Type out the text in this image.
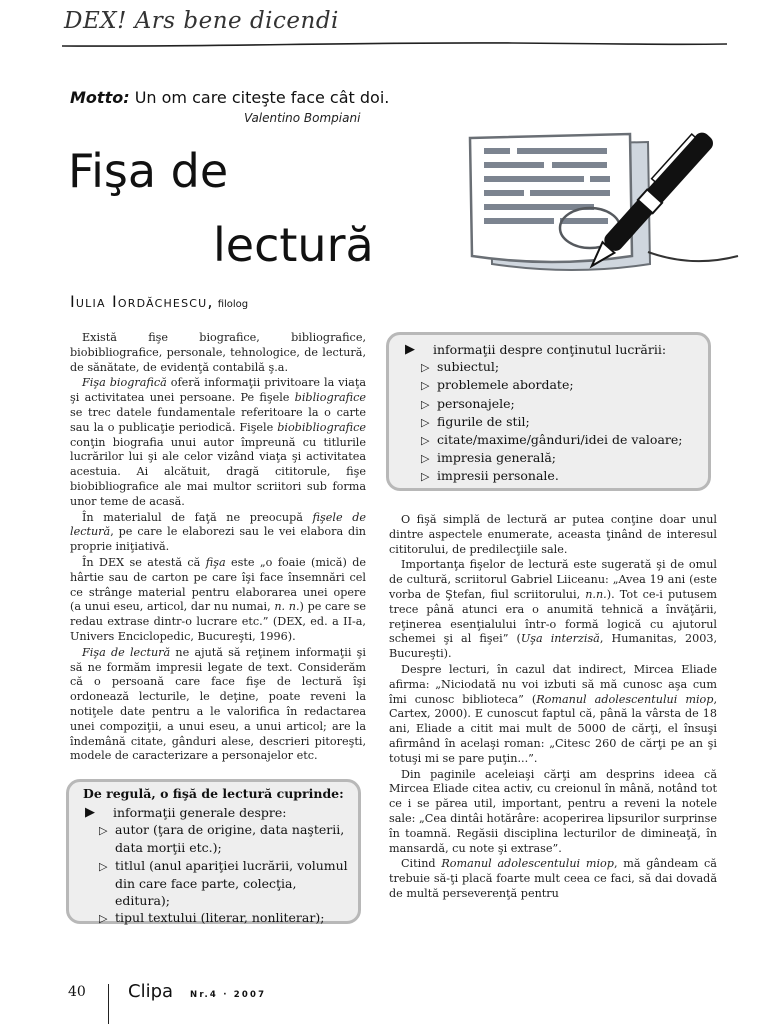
DEX! Ars bene dicendi
Motto: Un om care citeşte face cât doi.
Valentino Bompiani
Fişa de
lectură
Iulia Iordăchescu, filolog

Există fişe biografice, bibliografice, biobibliografice, personale, tehnologice, de lectură, de sănătate, de evidenţă contabilă ş.a.

Fişa biografică oferă informaţii privitoare la viaţa şi activitatea unei persoane. Pe fişele bibliografice se trec datele fundamentale referitoare la o carte sau la o publicaţie periodică. Fişele biobibliografice conţin biografia unui autor împreună cu titlurile lucrărilor lui şi ale celor vizând viaţa şi activitatea acestuia. Ai alcătuit, dragă cititorule, fişe biobibliografice ale mai multor scriitori sub forma unor teme de acasă.

În materialul de faţă ne preocupă fişele de lectură, pe care le elaborezi sau le vei elabora din proprie iniţiativă.

În DEX se atestă că fişa este „o foaie (mică) de hârtie sau de carton pe care îşi face însemnări cel ce strânge material pentru elaborarea unei opere (a unui eseu, articol, dar nu numai, n. n.) pe care se redau extrase dintr-o lucrare etc.” (DEX, ed. a II-a, Univers Enciclopedic, Bucureşti, 1996).

Fişa de lectură ne ajută să reţinem informaţii şi să ne formăm impresii legate de text. Considerăm că o persoană care face fişe de lectură îşi ordonează lecturile, le deţine, poate reveni la notiţele date pentru a le valorifica în redactarea unei compoziţii, a unui eseu, a unui articol; are la îndemână citate, gânduri alese, descrieri pitoreşti, modele de caracterizare a personajelor etc.

▶ informaţii despre conţinutul lucrării:
▷ subiectul;
▷ problemele abordate;
▷ personajele;
▷ figurile de stil;
▷ citate/maxime/gânduri/idei de valoare;
▷ impresia generală;
▷ impresii personale.

O fişă simplă de lectură ar putea conţine doar unul dintre aspectele enumerate, aceasta ţinând de interesul cititorului, de predilecţiile sale.

Importanţa fişelor de lectură este sugerată şi de omul de cultură, scriitorul Gabriel Liiceanu: „Avea 19 ani (este vorba de Ştefan, fiul scriitorului, n.n.). Tot ce-i putusem trece până atunci era o anumită tehnică a învăţării, reţinerea esenţialului într-o formă logică cu ajutorul schemei şi al fişei” (Uşa interzisă, Humanitas, 2003, Bucureşti).

Despre lecturi, în cazul dat indirect, Mircea Eliade afirma: „Niciodată nu voi izbuti să mă cunosc aşa cum îmi cunosc biblioteca” (Romanul adolescentului miop, Cartex, 2000). E cunoscut faptul că, până la vârsta de 18 ani, Eliade a citit mai mult de 5000 de cărţi, el însuşi afirmând în acelaşi roman: „Citesc 260 de cărţi pe an şi totuşi mi se pare puţin...”.

Din paginile aceleiaşi cărţi am desprins ideea că Mircea Eliade citea activ, cu creionul în mână, notând tot ce i se părea util, important, pentru a reveni la notele sale: „Cea dintâi hotărâre: acoperirea lipsurilor surprinse în toamnă. Regăsii disciplina lecturilor de dimineaţă, în mansardă, cu note şi extrase”.

Citind Romanul adolescentului miop, mă gândeam că trebuie să-ţi placă foarte mult ceea ce faci, să dai dovadă de multă perseverenţă pentru

De regulă, o fişă de lectură cuprinde:
▶ informaţii generale despre:
▷ autor (ţara de origine, data naşterii, data morţii etc.);
▷ titlul (anul apariţiei lucrării, volumul din care face parte, colecţia, editura);
▷ tipul textului (literar, nonliterar);
40 Clipa Nr.4 · 2007
